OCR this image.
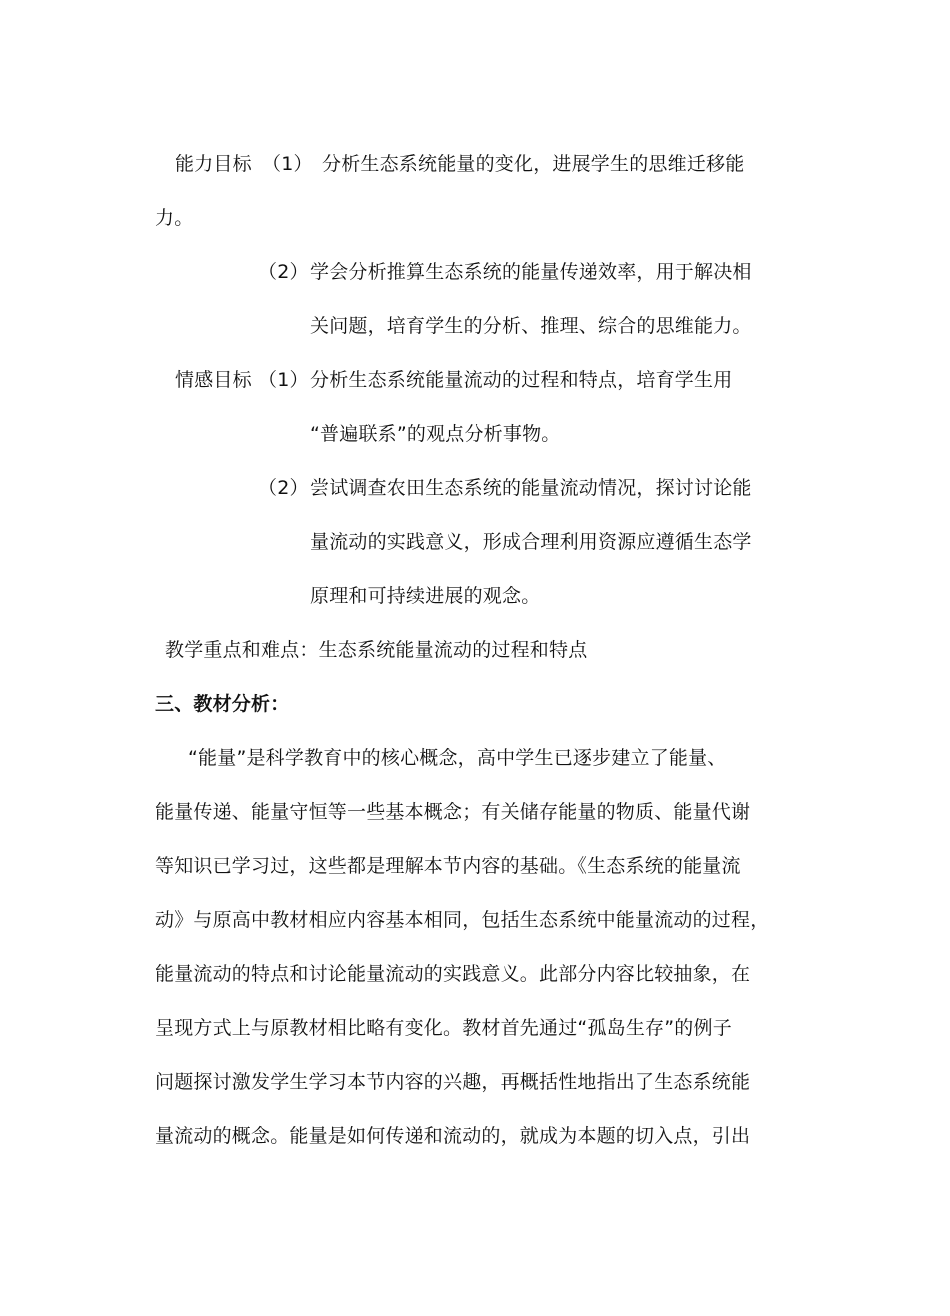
能力目标 （1） 分析生态系统能量的变化，进展学生的思维迁移能
力。
（2） 学会分析推算生态系统的能量传递效率，用于解决相
关问题，培育学生的分析、推理、综合的思维能力。
情感目标 （1） 分析生态系统能量流动的过程和特点，培育学生用
“普遍联系”的观点分析事物。
（2） 尝试调查农田生态系统的能量流动情况，探讨讨论能
量流动的实践意义，形成合理利用资源应遵循生态学
原理和可持续进展的观念。
教学重点和难点：生态系统能量流动的过程和特点
三、教材分析：
“能量”是科学教育中的核心概念，高中学生已逐步建立了能量、
能量传递、能量守恒等一些基本概念；有关储存能量的物质、能量代谢
等知识已学习过，这些都是理解本节内容的基础。《生态系统的能量流
动》与原高中教材相应内容基本相同，包括生态系统中能量流动的过程，
能量流动的特点和讨论能量流动的实践意义。此部分内容比较抽象，在
呈现方式上与原教材相比略有变化。教材首先通过“孤岛生存”的例子
问题探讨激发学生学习本节内容的兴趣，再概括性地指出了生态系统能
量流动的概念。能量是如何传递和流动的，就成为本题的切入点，引出
